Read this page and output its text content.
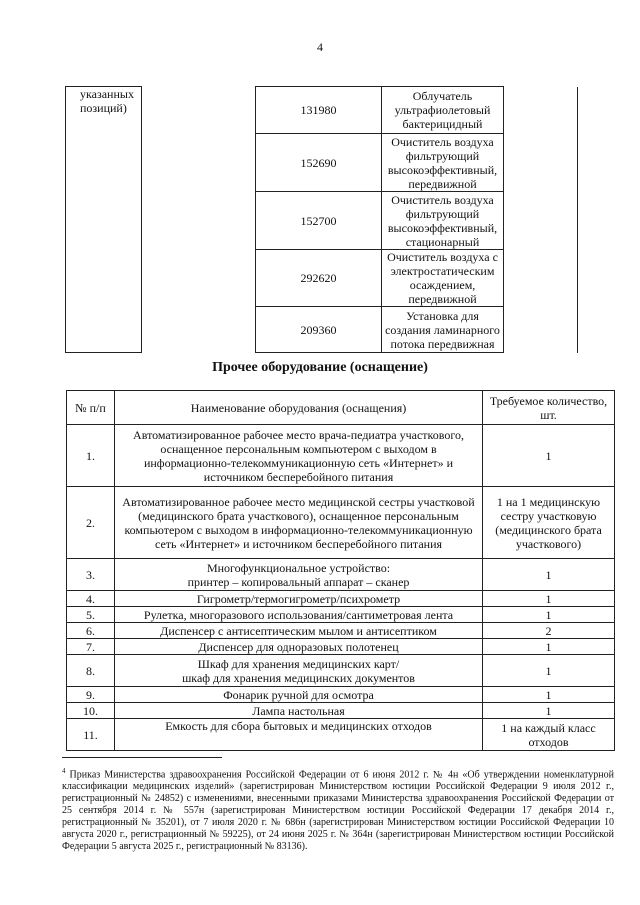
4
указанных позиций)		131980	Облучатель ультрафиолетовый бактерицидный	
		152690	Очиститель воздуха фильтрующий высокоэффективный, передвижной	
		152700	Очиститель воздуха фильтрующий высокоэффективный, стационарный	
		292620	Очиститель воздуха с электростатическим осаждением, передвижной	
		209360	Установка для создания ламинарного потока передвижная	
Прочее оборудование (оснащение)
№ п/п	Наименование оборудования (оснащения)	Требуемое количество, шт.
1.	Автоматизированное рабочее место врача-педиатра участкового, оснащенное персональным компьютером с выходом в информационно-телекоммуникационную сеть «Интернет» и источником бесперебойного питания	1
2.	Автоматизированное рабочее место медицинской сестры участковой (медицинского брата участкового), оснащенное персональным компьютером с выходом в информационно-телекоммуникационную сеть «Интернет» и источником бесперебойного питания	1 на 1 медицинскую сестру участковую (медицинского брата участкового)
3.	Многофункциональное устройство:
принтер – копировальный аппарат – сканер	1
4.	Гигрометр/термогигрометр/психрометр	1
5.	Рулетка, многоразового использования/сантиметровая лента	1
6.	Диспенсер с антисептическим мылом и антисептиком	2
7.	Диспенсер для одноразовых полотенец	1
8.	Шкаф для хранения медицинских карт/
шкаф для хранения медицинских документов	1
9.	Фонарик ручной для осмотра	1
10.	Лампа настольная	1
11.	Емкость для сбора бытовых и медицинских отходов	1 на каждый класс отходов
$^4$ Приказ Министерства здравоохранения Российской Федерации от 6 июня 2012 г. № 4н «Об утверждении номенклатурной классификации медицинских изделий» (зарегистрирован Министерством юстиции Российской Федерации 9 июля 2012 г., регистрационный № 24852) с изменениями, внесенными приказами Министерства здравоохранения Российской Федерации от 25 сентября 2014 г. № 557н (зарегистрирован Министерством юстиции Российской Федерации 17 декабря 2014 г., регистрационный № 35201), от 7 июля 2020 г. № 686н (зарегистрирован Министерством юстиции Российской Федерации 10 августа 2020 г., регистрационный № 59225), от 24 июня 2025 г. № 364н (зарегистрирован Министерством юстиции Российской Федерации 5 августа 2025 г., регистрационный № 83136).
